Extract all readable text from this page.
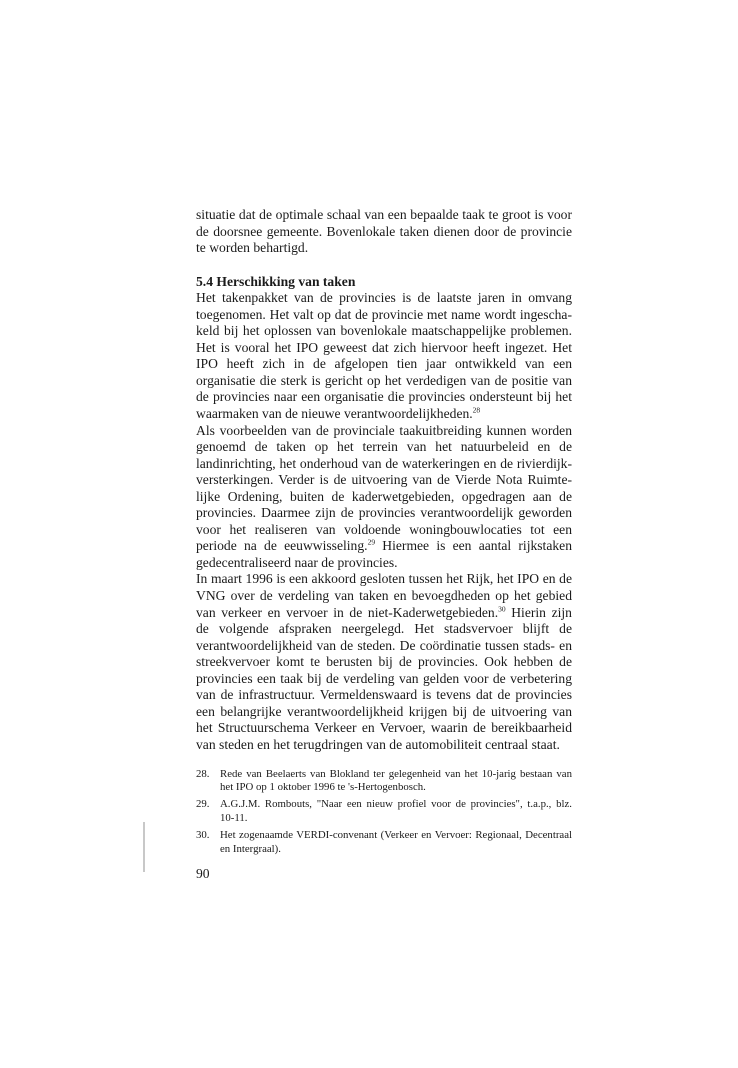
situatie dat de optimale schaal van een bepaalde taak te groot is voor
de doorsnee gemeente. Bovenlokale taken dienen door de provincie
te worden behartigd.
5.4 Herschikking van taken
Het takenpakket van de provincies is de laatste jaren in omvang
toegenomen. Het valt op dat de provincie met name wordt ingescha-
keld bij het oplossen van bovenlokale maatschappelijke problemen.
Het is vooral het IPO geweest dat zich hiervoor heeft ingezet. Het
IPO heeft zich in de afgelopen tien jaar ontwikkeld van een
organisatie die sterk is gericht op het verdedigen van de positie van
de provincies naar een organisatie die provincies ondersteunt bij het
waarmaken van de nieuwe verantwoordelijkheden.$^{28}$
Als voorbeelden van de provinciale taakuitbreiding kunnen worden
genoemd de taken op het terrein van het natuurbeleid en de
landinrichting, het onderhoud van de waterkeringen en de rivierdijk-
versterkingen. Verder is de uitvoering van de Vierde Nota Ruimte-
lijke Ordening, buiten de kaderwetgebieden, opgedragen aan de
provincies. Daarmee zijn de provincies verantwoordelijk geworden
voor het realiseren van voldoende woningbouwlocaties tot een
periode na de eeuwwisseling.$^{29}$ Hiermee is een aantal rijkstaken
gedecentraliseerd naar de provincies.
In maart 1996 is een akkoord gesloten tussen het Rijk, het IPO en de
VNG over de verdeling van taken en bevoegdheden op het gebied
van verkeer en vervoer in de niet-Kaderwetgebieden.$^{30}$ Hierin zijn
de volgende afspraken neergelegd. Het stadsvervoer blijft de
verantwoordelijkheid van de steden. De coördinatie tussen stads- en
streekvervoer komt te berusten bij de provincies. Ook hebben de
provincies een taak bij de verdeling van gelden voor de verbetering
van de infrastructuur. Vermeldenswaard is tevens dat de provincies
een belangrijke verantwoordelijkheid krijgen bij de uitvoering van
het Structuurschema Verkeer en Vervoer, waarin de bereikbaarheid
van steden en het terugdringen van de automobiliteit centraal staat.
28. Rede van Beelaerts van Blokland ter gelegenheid van het 10-jarig bestaan van
het IPO op 1 oktober 1996 te 's-Hertogenbosch.
29. A.G.J.M. Rombouts, "Naar een nieuw profiel voor de provincies", t.a.p., blz.
10-11.
30. Het zogenaamde VERDI-convenant (Verkeer en Vervoer: Regionaal, Decentraal
en Intergraal).
90
